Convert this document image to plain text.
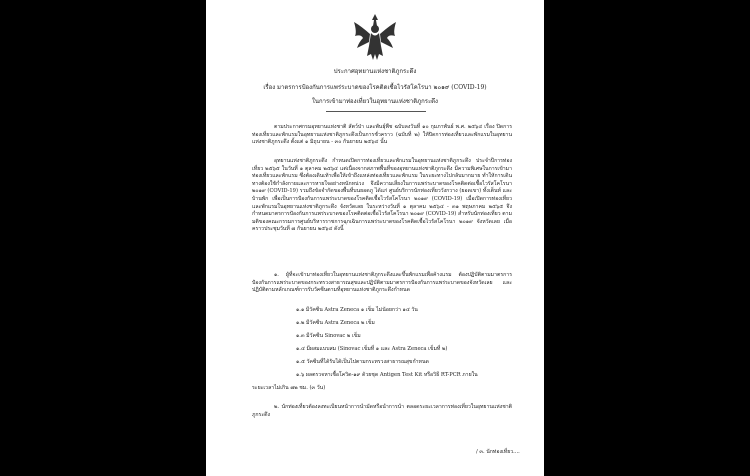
ประกาศอุทยานแห่งชาติภูกระดึง
เรื่อง มาตรการป้องกันการแพร่ระบาดของโรคติดเชื้อไวรัสโคโรนา ๒๐๑๙ (COVID-19)
ในการเข้ามาท่องเที่ยวในอุทยานแห่งชาติภูกระดึง
ตามประกาศกรมอุทยานแห่งชาติ สัตว์ป่า และพันธุ์พืช ฉบับลงวันที่ ๑๐ กุมภาพันธ์ พ.ศ. ๒๕๖๔ เรื่อง ปิดการท่องเที่ยวและพักแรมในอุทยานแห่งชาติภูกระดึงเป็นการชั่วคราว (ฉบับที่ ๒) ให้ปิดการท่องเที่ยวและพักแรมในอุทยานแห่งชาติภูกระดึง ตั้งแต่ ๑ มิถุนายน - ๓๐ กันยายน ๒๕๖๔ นั้น
อุทยานแห่งชาติภูกระดึง กำหนดเปิดการท่องเที่ยวและพักแรมในอุทยานแห่งชาติภูกระดึง ประจำปีการท่องเที่ยว ๒๕๖๕ ในวันที่ ๑ ตุลาคม ๒๕๖๔ แต่เนื่องจากสภาพพื้นที่ของอุทยานแห่งชาติภูกระดึง มีความพิเศษในการเข้ามาท่องเที่ยวและพักแรม ซึ่งต้องเดินเท้าเพื่อให้เข้าถึงแหล่งท่องเที่ยวและพักแรม ในระยะทางไปกลับมากมาย ทำให้การเดินทางต้องใช้กำลังกายและการหายใจอย่างหนักหน่วง จึงมีความเสี่ยงในการแพร่ระบาดของโรคติดต่อเชื้อไวรัสโคโรนา ๒๐๑๙ (COVID-19) รวมถึงข้อจำกัดของพื้นที่บนยอดภู ได้แก่ ศูนย์บริการนักท่องเที่ยววังกวาง (ยอดเขา) ทั้งเต็นท์ และบ้านพัก เพื่อเป็นการป้องกันการแพร่ระบาดของโรคติดเชื้อไวรัสโคโรนา ๒๐๑๙ (COVID-19) เมื่อเปิดการท่องเที่ยวและพักแรมในอุทยานแห่งชาติภูกระดึง จังหวัดเลย ในระหว่างวันที่ ๑ ตุลาคม ๒๕๖๔ - ๓๑ พฤษภาคม ๒๕๖๕ จึงกำหนดมาตรการป้องกันการแพร่ระบาดของโรคติดต่อเชื้อไวรัสโคโรนา ๒๐๑๙ (COVID-19) สำหรับนักท่องเที่ยว ตามมติของคณะกรรมการศูนย์บริหารราชการฉุกเฉินการแพร่ระบาดของโรคติดเชื้อไวรัสโคโรนา ๒๐๑๙ จังหวัดเลย เมื่อคราวประชุมวันที่ ๗ กันยายน ๒๕๖๔ ดังนี้
๑. ผู้ที่จะเข้ามาท่องเที่ยวในอุทยานแห่งชาติภูกระดึงและขึ้นพักแรมเพื่อค้างแรม ต้องปฏิบัติตามมาตรการป้องกันการแพร่ระบาดของกระทรวงสาธารณสุขและปฏิบัติตามมาตรการป้องกันการแพร่ระบาดของจังหวัดเลย และปฏิบัติตามหลักเกณฑ์การรับวัคซีนตามที่อุทยานแห่งชาติภูกระดึงกำหนด
๑.๑ มีวัคซีน Astra Zeneca ๑ เข็ม ไม่น้อยกว่า ๑๔ วัน
๑.๒ มีวัคซีน Astra Zeneca ๒ เข็ม
๑.๓ มีวัคซีน Sinovac ๒ เข็ม
๑.๔ มีผสมแบบสม (Sinovac เข็มที่ ๑ และ Astra Zeneca เข็มที่ ๒)
๑.๕ วัคซีนที่ได้รับได้เป็นไปตามกระทรวงสาธารณสุขกำหนด
๑.๖ ผลตรวจหาเชื้อโควิด-๑๙ ด้วยชุด Antigen Test Kit หรือวิธี RT-PCR ภายใน
ระยะเวลาไม่เกิน ๗๒ ชม. (๓ วัน)
๒. นักท่องเที่ยวต้องลงทะเบียนหน้าการนำมัดหรือนำการนำ ตลอดระยะเวลาการท่องเที่ยวในอุทยานแห่งชาติภูกระดึง
/ ๓. นักท่องเที่ยว....
